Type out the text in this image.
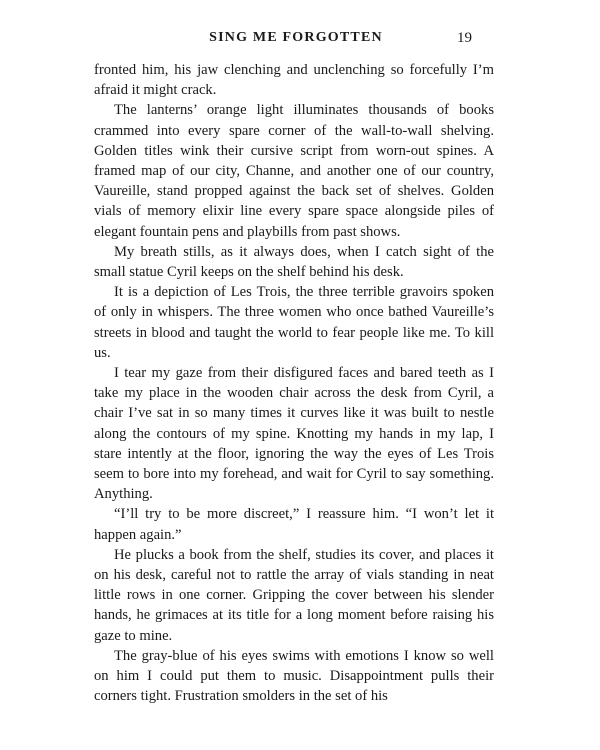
SING ME FORGOTTEN	19

fronted him, his jaw clenching and unclenching so forcefully I’m afraid it might crack.

The lanterns’ orange light illuminates thousands of books crammed into every spare corner of the wall-to-wall shelving. Golden titles wink their cursive script from worn-out spines. A framed map of our city, Channe, and another one of our country, Vaureille, stand propped against the back set of shelves. Golden vials of memory elixir line every spare space alongside piles of elegant fountain pens and playbills from past shows.

My breath stills, as it always does, when I catch sight of the small statue Cyril keeps on the shelf behind his desk.

It is a depiction of Les Trois, the three terrible gravoirs spoken of only in whispers. The three women who once bathed Vaureille’s streets in blood and taught the world to fear people like me. To kill us.

I tear my gaze from their disfigured faces and bared teeth as I take my place in the wooden chair across the desk from Cyril, a chair I’ve sat in so many times it curves like it was built to nestle along the contours of my spine. Knotting my hands in my lap, I stare intently at the floor, ignoring the way the eyes of Les Trois seem to bore into my forehead, and wait for Cyril to say something. Anything.

“I’ll try to be more discreet,” I reassure him. “I won’t let it happen again.”

He plucks a book from the shelf, studies its cover, and places it on his desk, careful not to rattle the array of vials standing in neat little rows in one corner. Gripping the cover between his slender hands, he grimaces at its title for a long moment before raising his gaze to mine.

The gray-blue of his eyes swims with emotions I know so well on him I could put them to music. Disappointment pulls their corners tight. Frustration smolders in the set of his
